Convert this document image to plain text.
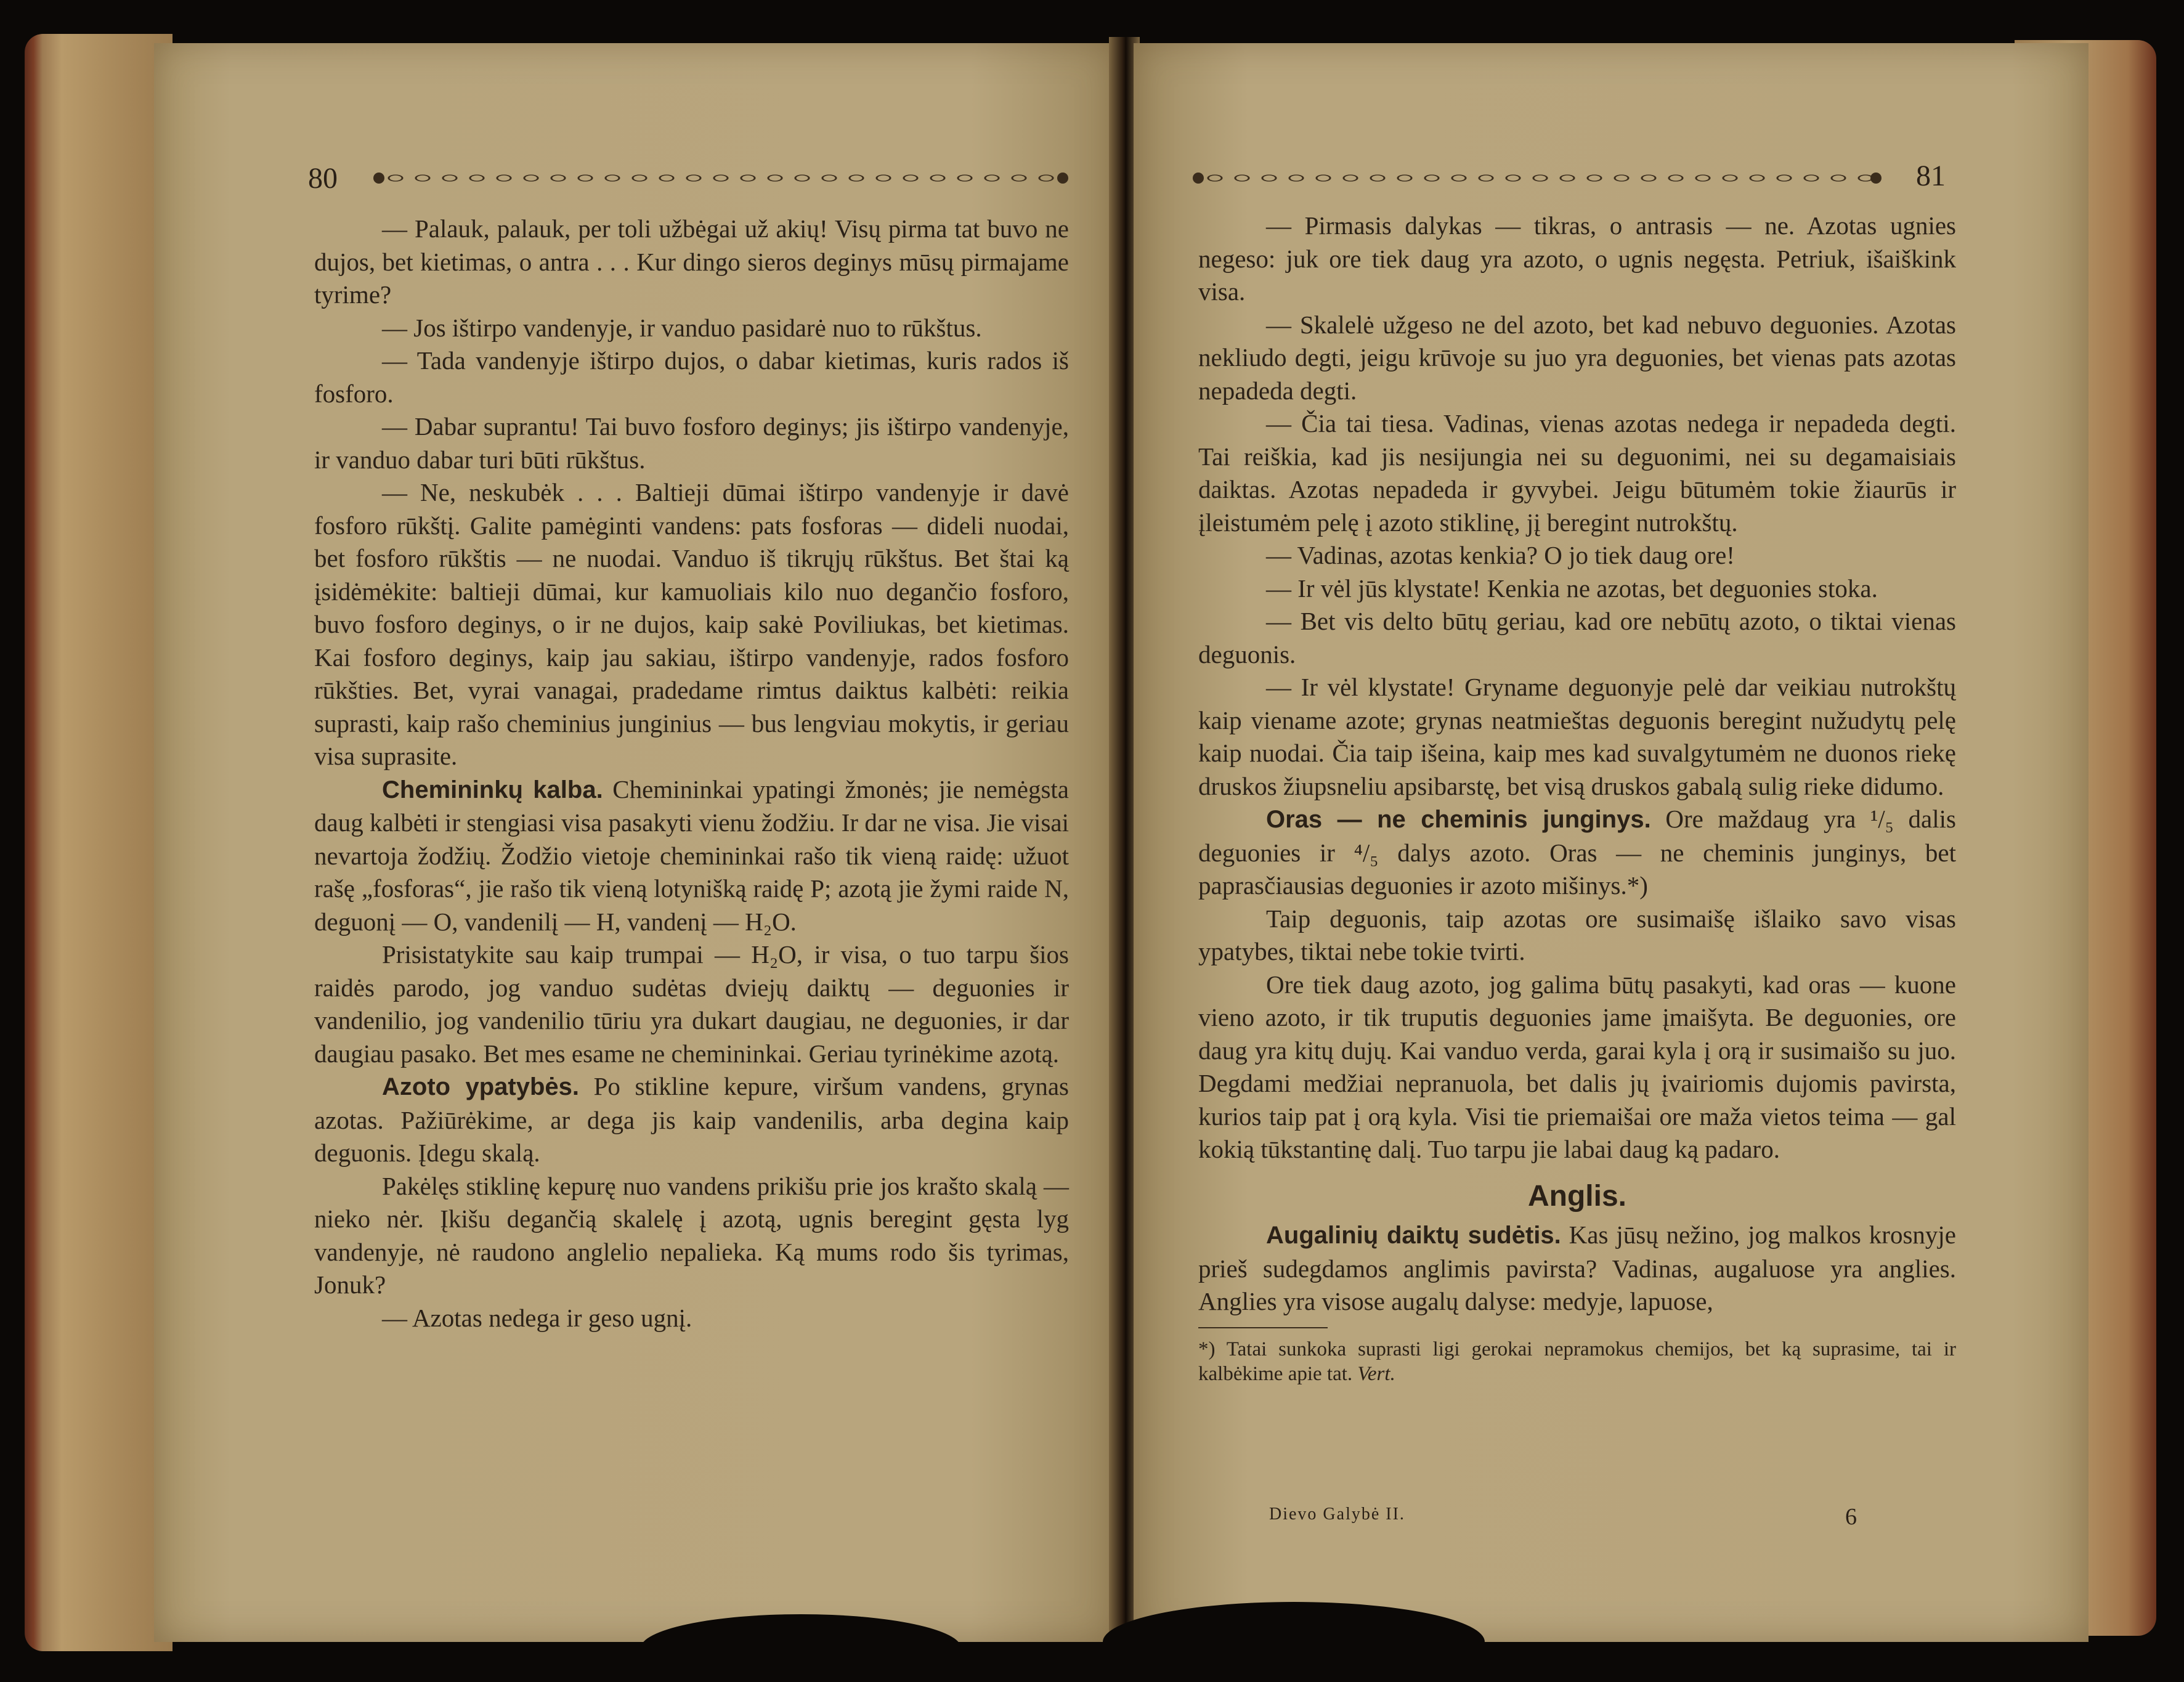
80

— Palauk, palauk, per toli užbėgai už akių! Visų pirma tat buvo ne dujos, bet kietimas, o antra . . . Kur dingo sieros deginys mūsų pirmajame tyrime?

— Jos ištirpo vandenyje, ir vanduo pasidarė nuo to rūkštus.

— Tada vandenyje ištirpo dujos, o dabar kietimas, kuris rados iš fosforo.

— Dabar suprantu! Tai buvo fosforo deginys; jis ištirpo vandenyje, ir vanduo dabar turi būti rūkštus.

— Ne, neskubėk . . . Baltieji dūmai ištirpo vandenyje ir davė fosforo rūkštį. Galite pamėginti vandens: pats fosforas — dideli nuodai, bet fosforo rūkštis — ne nuodai. Vanduo iš tikrųjų rūkštus. Bet štai ką įsidėmėkite: baltieji dūmai, kur kamuoliais kilo nuo degančio fosforo, buvo fosforo deginys, o ir ne dujos, kaip sakė Poviliukas, bet kietimas. Kai fosforo deginys, kaip jau sakiau, ištirpo vandenyje, rados fosforo rūkšties. Bet, vyrai vanagai, pradedame rimtus daiktus kalbėti: reikia suprasti, kaip rašo cheminius junginius — bus lengviau mokytis, ir geriau visa suprasite.

Chemininkų kalba. Chemininkai ypatingi žmonės; jie nemėgsta daug kalbėti ir stengiasi visa pasakyti vienu žodžiu. Ir dar ne visa. Jie visai nevartoja žodžių. Žodžio vietoje chemininkai rašo tik vieną raidę: užuot rašę „fosforas“, jie rašo tik vieną lotynišką raidę P; azotą jie žymi raide N, deguonį — O, vandenilį — H, vandenį — H₂O.

Prisistatykite sau kaip trumpai — H₂O, ir visa, o tuo tarpu šios raidės parodo, jog vanduo sudėtas dviejų daiktų — deguonies ir vandenilio, jog vandenilio tūriu yra dukart daugiau, ne deguonies, ir dar daugiau pasako. Bet mes esame ne chemininkai. Geriau tyrinėkime azotą.

Azoto ypatybės. Po stikline kepure, viršum vandens, grynas azotas. Pažiūrėkime, ar dega jis kaip vandenilis, arba degina kaip deguonis. Įdegu skalą.

Pakėlęs stiklinę kepurę nuo vandens prikišu prie jos krašto skalą — nieko nėr. Įkišu degančią skalelę į azotą, ugnis beregint gęsta lyg vandenyje, nė raudono anglelio nepalieka. Ką mums rodo šis tyrimas, Jonuk?

— Azotas nedega ir geso ugnį.

81

— Pirmasis dalykas — tikras, o antrasis — ne. Azotas ugnies negeso: juk ore tiek daug yra azoto, o ugnis negęsta. Petriuk, išaiškink visa.

— Skalelė užgeso ne del azoto, bet kad nebuvo deguonies. Azotas nekliudo degti, jeigu krūvoje su juo yra deguonies, bet vienas pats azotas nepadeda degti.

— Čia tai tiesa. Vadinas, vienas azotas nedega ir nepadeda degti. Tai reiškia, kad jis nesijungia nei su deguonimi, nei su degamaisiais daiktas. Azotas nepadeda ir gyvybei. Jeigu būtumėm tokie žiaurūs ir įleistumėm pelę į azoto stiklinę, jį beregint nutrokštų.

— Vadinas, azotas kenkia? O jo tiek daug ore!

— Ir vėl jūs klystate! Kenkia ne azotas, bet deguonies stoka.

— Bet vis delto būtų geriau, kad ore nebūtų azoto, o tiktai vienas deguonis.

— Ir vėl klystate! Gryname deguonyje pelė dar veikiau nutrokštų kaip viename azote; grynas neatmieštas deguonis beregint nužudytų pelę kaip nuodai. Čia taip išeina, kaip mes kad suvalgytumėm ne duonos riekę druskos žiupsneliu apsibarstę, bet visą druskos gabalą sulig rieke didumo.

Oras — ne cheminis junginys. Ore maždaug yra ¹/₅ dalis deguonies ir ⁴/₅ dalys azoto. Oras — ne cheminis junginys, bet paprasčiausias deguonies ir azoto mišinys.*)

Taip deguonis, taip azotas ore susimaišę išlaiko savo visas ypatybes, tiktai nebe tokie tvirti.

Ore tiek daug azoto, jog galima būtų pasakyti, kad oras — kuone vieno azoto, ir tik truputis deguonies jame įmaišyta. Be deguonies, ore daug yra kitų dujų. Kai vanduo verda, garai kyla į orą ir susimaišo su juo. Degdami medžiai nepranuola, bet dalis jų įvairiomis dujomis pavirsta, kurios taip pat į orą kyla. Visi tie priemaišai ore maža vietos teima — gal kokią tūkstantinę dalį. Tuo tarpu jie labai daug ką padaro.

Anglis.

Augalinių daiktų sudėtis. Kas jūsų nežino, jog malkos krosnyje prieš sudegdamos anglimis pavirsta? Vadinas, augaluose yra anglies. Anglies yra visose augalų dalyse: medyje, lapuose,

*) Tatai sunkoka suprasti ligi gerokai nepramokus chemijos, bet ką suprasime, tai ir kalbėkime apie tat. Vert.

Dievo Galybė II.	6
